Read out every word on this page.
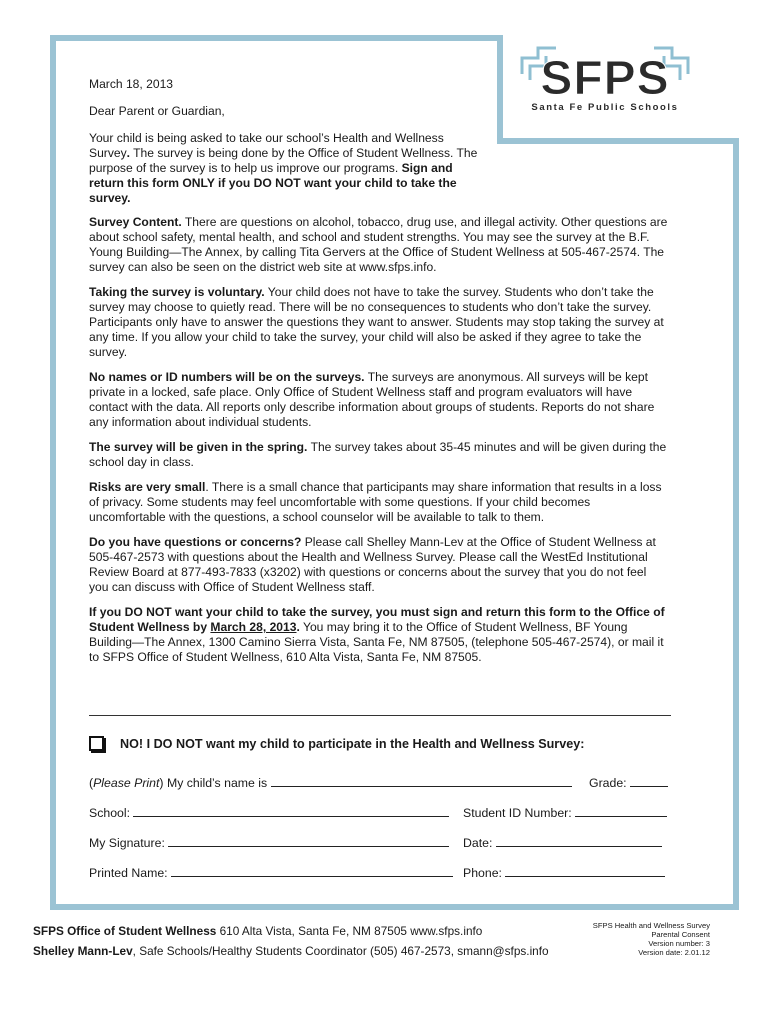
SFPS
Santa Fe Public Schools
March 18, 2013
Dear Parent or Guardian,
Your child is being asked to take our school’s Health and Wellness Survey. The survey is being done by the Office of Student Wellness. The purpose of the survey is to help us improve our programs. Sign and return this form ONLY if you DO NOT want your child to take the survey.

Survey Content. There are questions on alcohol, tobacco, drug use, and illegal activity. Other questions are about school safety, mental health, and school and student strengths. You may see the survey at the B.F. Young Building—The Annex, by calling Tita Gervers at the Office of Student Wellness at 505-467-2574. The survey can also be seen on the district web site at www.sfps.info.

Taking the survey is voluntary. Your child does not have to take the survey. Students who don’t take the survey may choose to quietly read. There will be no consequences to students who don’t take the survey. Participants only have to answer the questions they want to answer. Students may stop taking the survey at any time. If you allow your child to take the survey, your child will also be asked if they agree to take the survey.

No names or ID numbers will be on the surveys. The surveys are anonymous. All surveys will be kept private in a locked, safe place. Only Office of Student Wellness staff and program evaluators will have contact with the data. All reports only describe information about groups of students. Reports do not share any information about individual students.

The survey will be given in the spring. The survey takes about 35-45 minutes and will be given during the school day in class.

Risks are very small. There is a small chance that participants may share information that results in a loss of privacy. Some students may feel uncomfortable with some questions. If your child becomes uncomfortable with the questions, a school counselor will be available to talk to them.

Do you have questions or concerns? Please call Shelley Mann-Lev at the Office of Student Wellness at 505-467-2573 with questions about the Health and Wellness Survey. Please call the WestEd Institutional Review Board at 877-493-7833 (x3202) with questions or concerns about the survey that you do not feel you can discuss with Office of Student Wellness staff.

If you DO NOT want your child to take the survey, you must sign and return this form to the Office of Student Wellness by March 28, 2013. You may bring it to the Office of Student Wellness, BF Young Building—The Annex, 1300 Camino Sierra Vista, Santa Fe, NM 87505, (telephone 505-467-2574), or mail it to SFPS Office of Student Wellness, 610 Alta Vista, Santa Fe, NM 87505.

NO! I DO NOT want my child to participate in the Health and Wellness Survey:
(Please Print) My child’s name is	Grade:
School:	Student ID Number:
My Signature:	Date:
Printed Name:	Phone:
SFPS Office of Student Wellness 610 Alta Vista, Santa Fe, NM 87505 www.sfps.info
Shelley Mann-Lev, Safe Schools/Healthy Students Coordinator (505) 467-2573, smann@sfps.info
SFPS Health and Wellness Survey
Parental Consent
Version number: 3
Version date: 2.01.12
